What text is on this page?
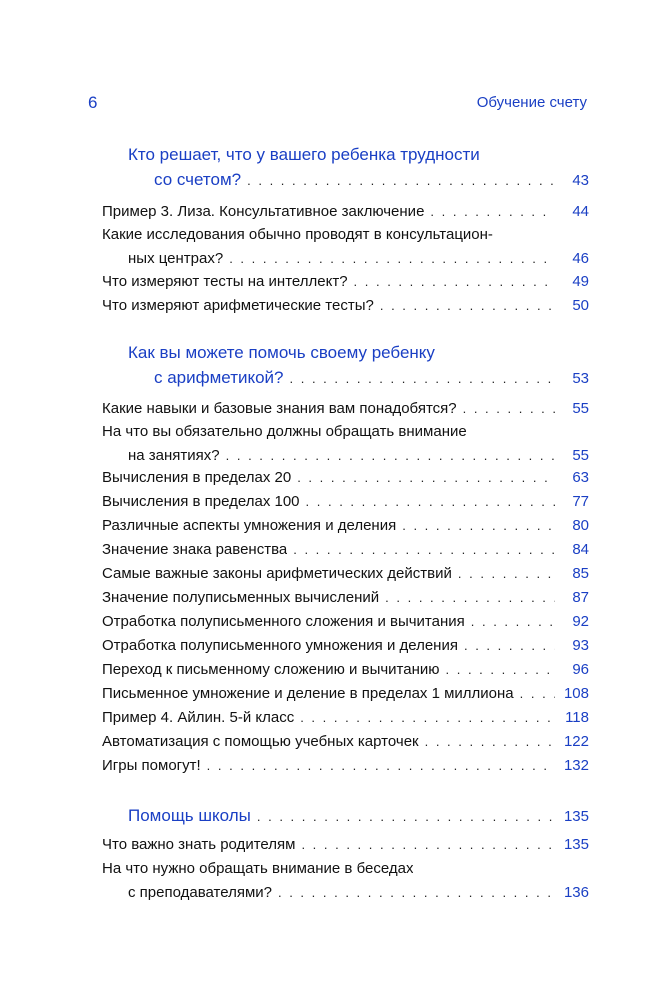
6	Обучение счету
Кто решает, что у вашего ребенка трудности
со счетом? . . .	43
Пример 3. Лиза. Консультативное заключение . . .	44
Какие исследования обычно проводят в консультацион-
ных центрах? . . .	46
Что измеряют тесты на интеллект? . . .	49
Что измеряют арифметические тесты? . . .	50
Как вы можете помочь своему ребенку
с арифметикой? . . .	53
Какие навыки и базовые знания вам понадобятся? . . .	55
На что вы обязательно должны обращать внимание
на занятиях? . . .	55
Вычисления в пределах 20 . . .	63
Вычисления в пределах 100 . . .	77
Различные аспекты умножения и деления . . .	80
Значение знака равенства . . .	84
Самые важные законы арифметических действий . . .	85
Значение полуписьменных вычислений . . .	87
Отработка полуписьменного сложения и вычитания . . .	92
Отработка полуписьменного умножения и деления . . .	93
Переход к письменному сложению и вычитанию . . .	96
Письменное умножение и деление в пределах 1 миллиона . . .	108
Пример 4. Айлин. 5-й класс . . .	118
Автоматизация с помощью учебных карточек . . .	122
Игры помогут! . . .	132
Помощь школы . . .	135
Что важно знать родителям . . .	135
На что нужно обращать внимание в беседах
с преподавателями? . . .	136
